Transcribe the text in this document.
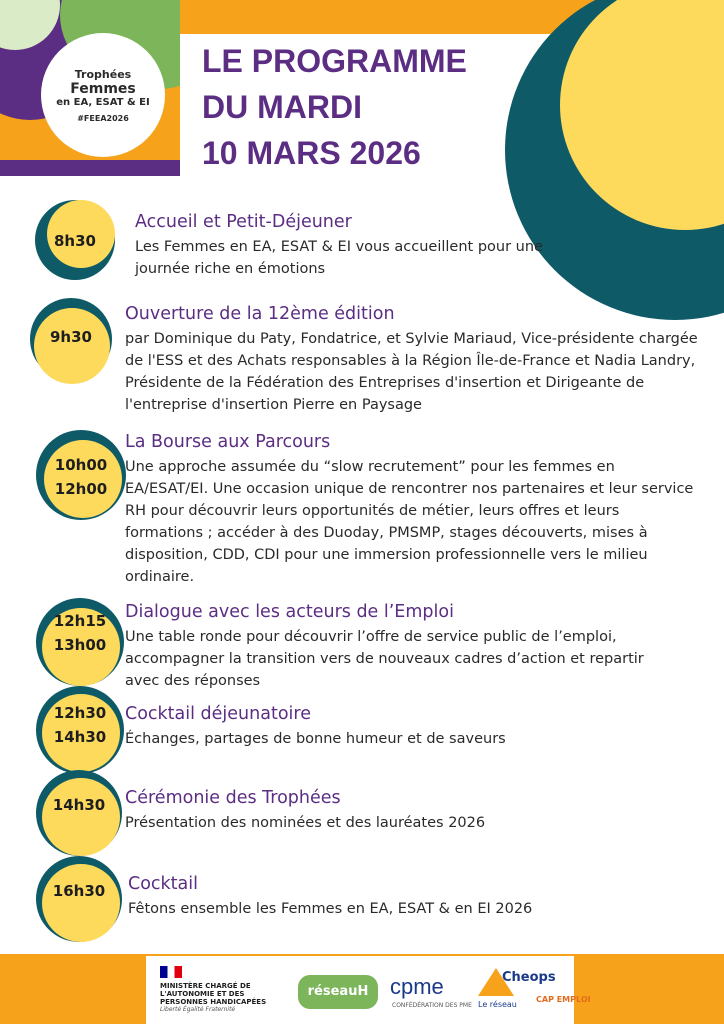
Trophées
Femmes
en EA, ESAT & EI
#FEEA2026
LE PROGRAMME
DU MARDI
10 MARS 2026
8h30
Accueil et Petit-Déjeuner

Les Femmes en EA, ESAT & EI vous accueillent pour une journée riche en émotions

9h30
Ouverture de la 12ème édition

par Dominique du Paty, Fondatrice, et Sylvie Mariaud, Vice-présidente chargée de l'ESS et des Achats responsables à la Région Île-de-France et Nadia Landry, Présidente de la Fédération des Entreprises d'insertion et Dirigeante de l'entreprise d'insertion Pierre en Paysage

10h00
12h00
La Bourse aux Parcours

Une approche assumée du “slow recrutement” pour les femmes en EA/ESAT/EI. Une occasion unique de rencontrer nos partenaires et leur service RH pour découvrir leurs opportunités de métier, leurs offres et leurs formations ; accéder à des Duoday, PMSMP, stages découverts, mises à disposition, CDD, CDI pour une immersion professionnelle vers le milieu ordinaire.

12h15
13h00
Dialogue avec les acteurs de l’Emploi

Une table ronde pour découvrir l’offre de service public de l’emploi, accompagner la transition vers de nouveaux cadres d’action et repartir avec des réponses

12h30
14h30
Cocktail déjeunatoire

Échanges, partages de bonne humeur et de saveurs

14h30	Cérémonie des Trophées

Présentation des nominées et des lauréates 2026

16h30	Cocktail

Fêtons ensemble les Femmes en EA, ESAT & en EI 2026

MINISTÈRE CHARGÉ DE L'AUTONOMIE ET DES PERSONNES HANDICAPÉES
Liberté Égalité Fraternité
réseauH cpme
CONFÉDÉRATION DES PME
Cheops
Le réseau
CAP EMPLOI
